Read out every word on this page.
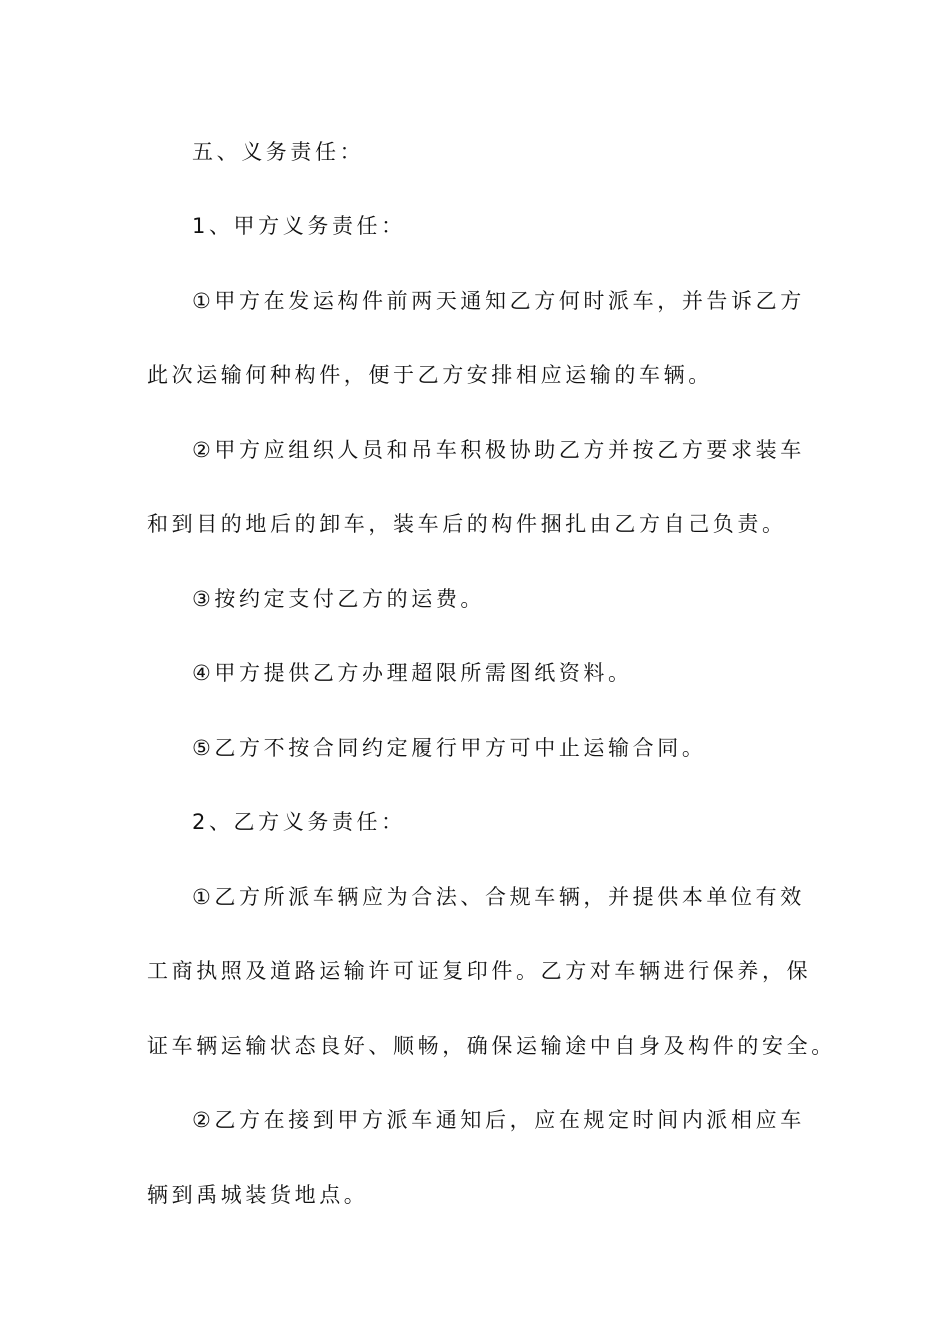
五、义务责任：
1、甲方义务责任：
①甲方在发运构件前两天通知乙方何时派车，并告诉乙方
此次运输何种构件，便于乙方安排相应运输的车辆。
②甲方应组织人员和吊车积极协助乙方并按乙方要求装车
和到目的地后的卸车，装车后的构件捆扎由乙方自己负责。
③按约定支付乙方的运费。
④甲方提供乙方办理超限所需图纸资料。
⑤乙方不按合同约定履行甲方可中止运输合同。
2、乙方义务责任：
①乙方所派车辆应为合法、合规车辆，并提供本单位有效
工商执照及道路运输许可证复印件。乙方对车辆进行保养，保
证车辆运输状态良好、顺畅，确保运输途中自身及构件的安全。
②乙方在接到甲方派车通知后，应在规定时间内派相应车
辆到禹城装货地点。
